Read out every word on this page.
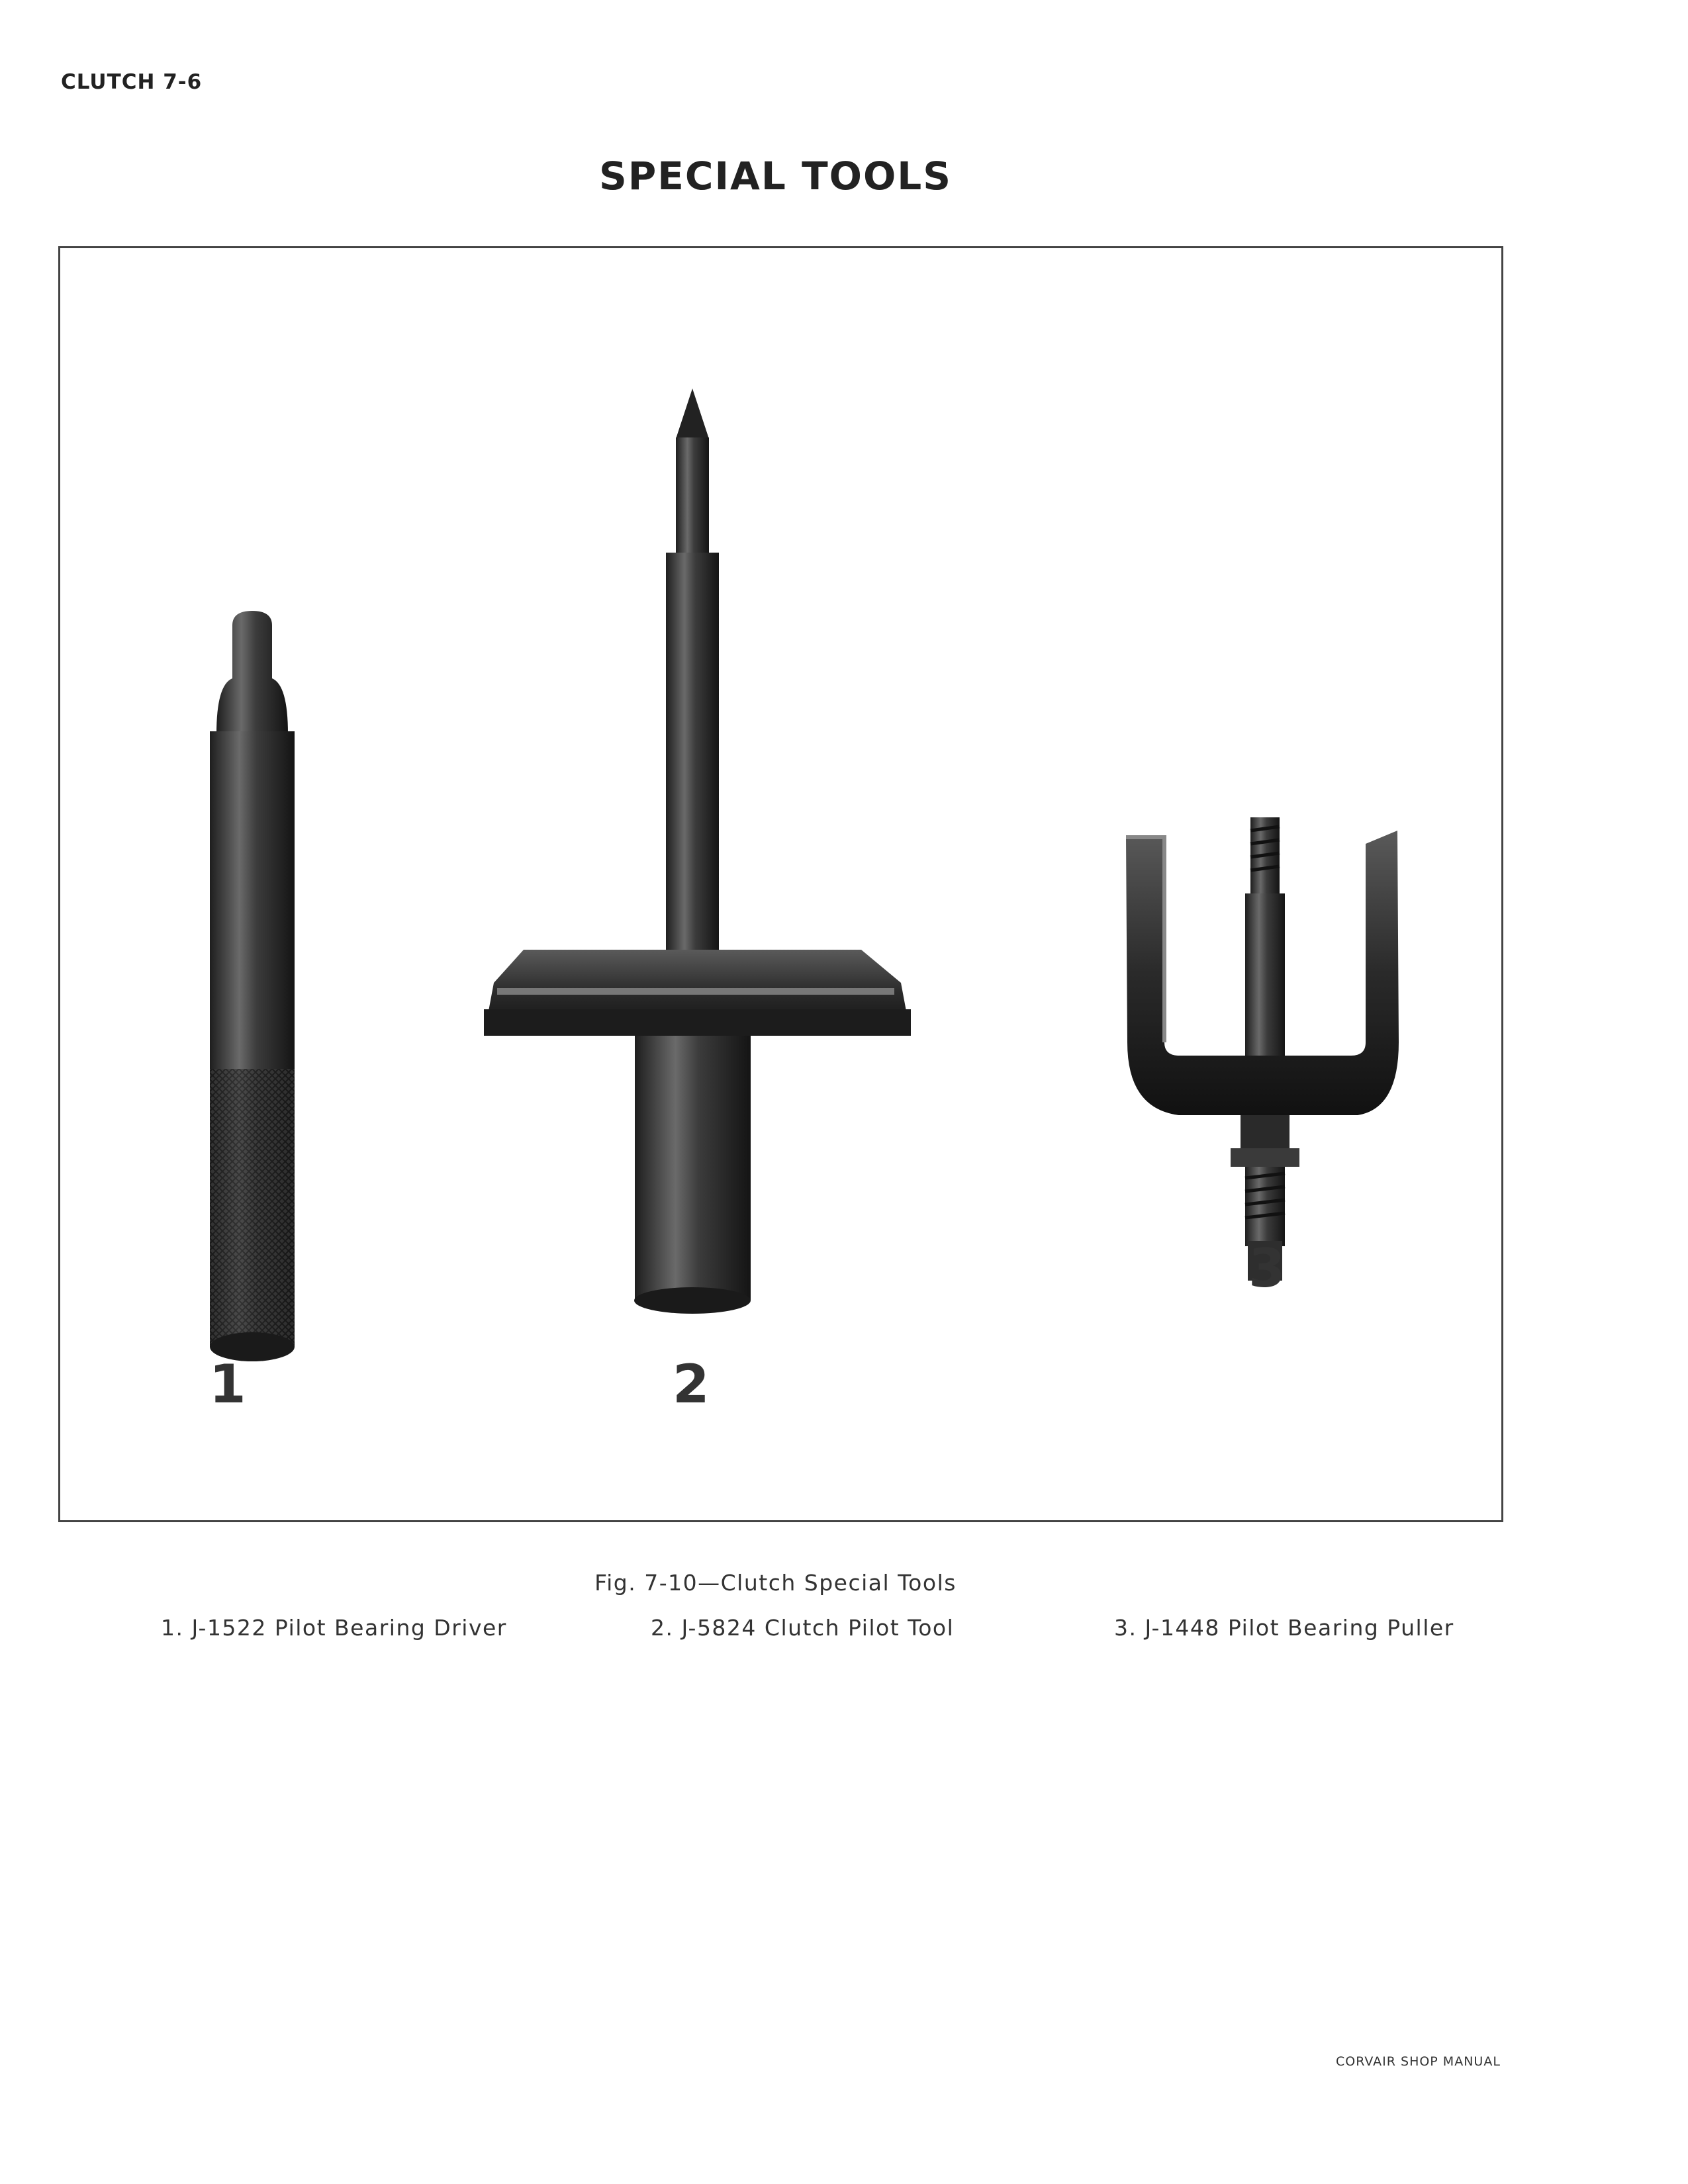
CLUTCH 7-6
SPECIAL TOOLS
1	2
3
Fig. 7-10—Clutch Special Tools
1. J-1522 Pilot Bearing Driver	2. J-5824 Clutch Pilot Tool	3. J-1448 Pilot Bearing Puller
CORVAIR SHOP MANUAL
